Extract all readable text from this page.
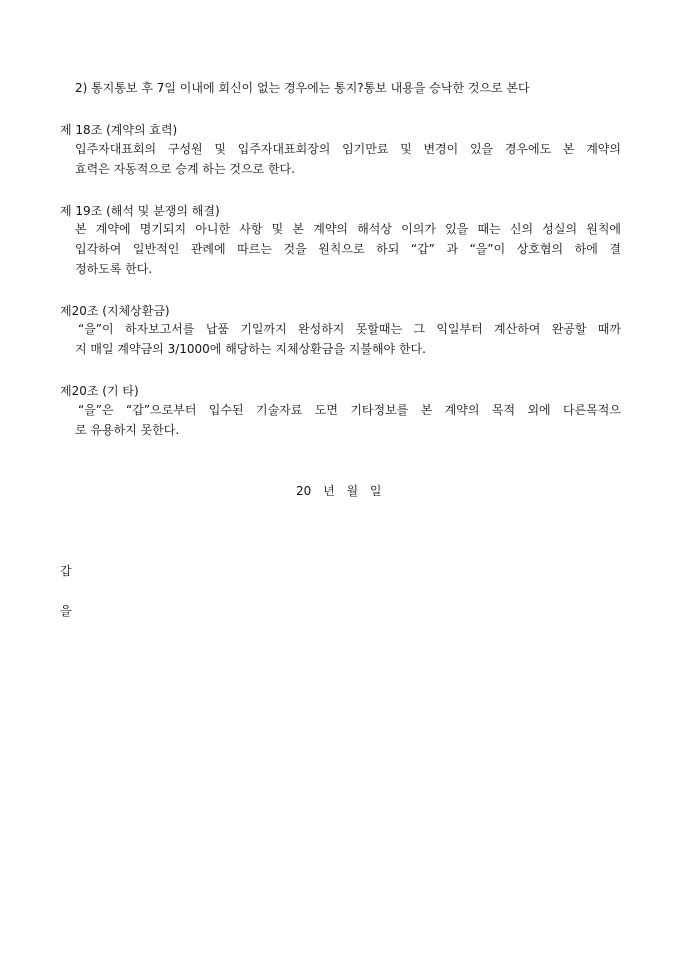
2) 통지통보 후 7일 이내에 회신이 없는 경우에는 통지?통보 내용을 승낙한 것으로 본다
제 18조 (계약의 효력)
입주자대표회의 구성원 및 입주자대표회장의 임기만료 및 변경이 있을 경우에도 본 계약의
효력은 자동적으로 승계 하는 것으로 한다.
제 19조 (해석 및 분쟁의 해결)
본 계약에 명기되지 아니한 사항 및 본 계약의 해석상 이의가 있을 때는 신의 성실의 원칙에
입각하여 일반적인 관례에 따르는 것을 원칙으로 하되 “갑” 과 “을”이 상호협의 하에 결
정하도록 한다.
제20조 (지체상환금)
“을”이 하자보고서를 납품 기일까지 완성하지 못할때는 그 익일부터 계산하여 완공할 때까
지 매일 계약금의 3/1000에 해당하는 지체상환금을 지불해야 한다.
제20조 (기 타)
“을”은 “갑”으로부터 입수된 기술자료 도면 기타정보를 본 계약의 목적 외에 다른목적으
로 유용하지 못한다.
20 년 월 일
갑
을
